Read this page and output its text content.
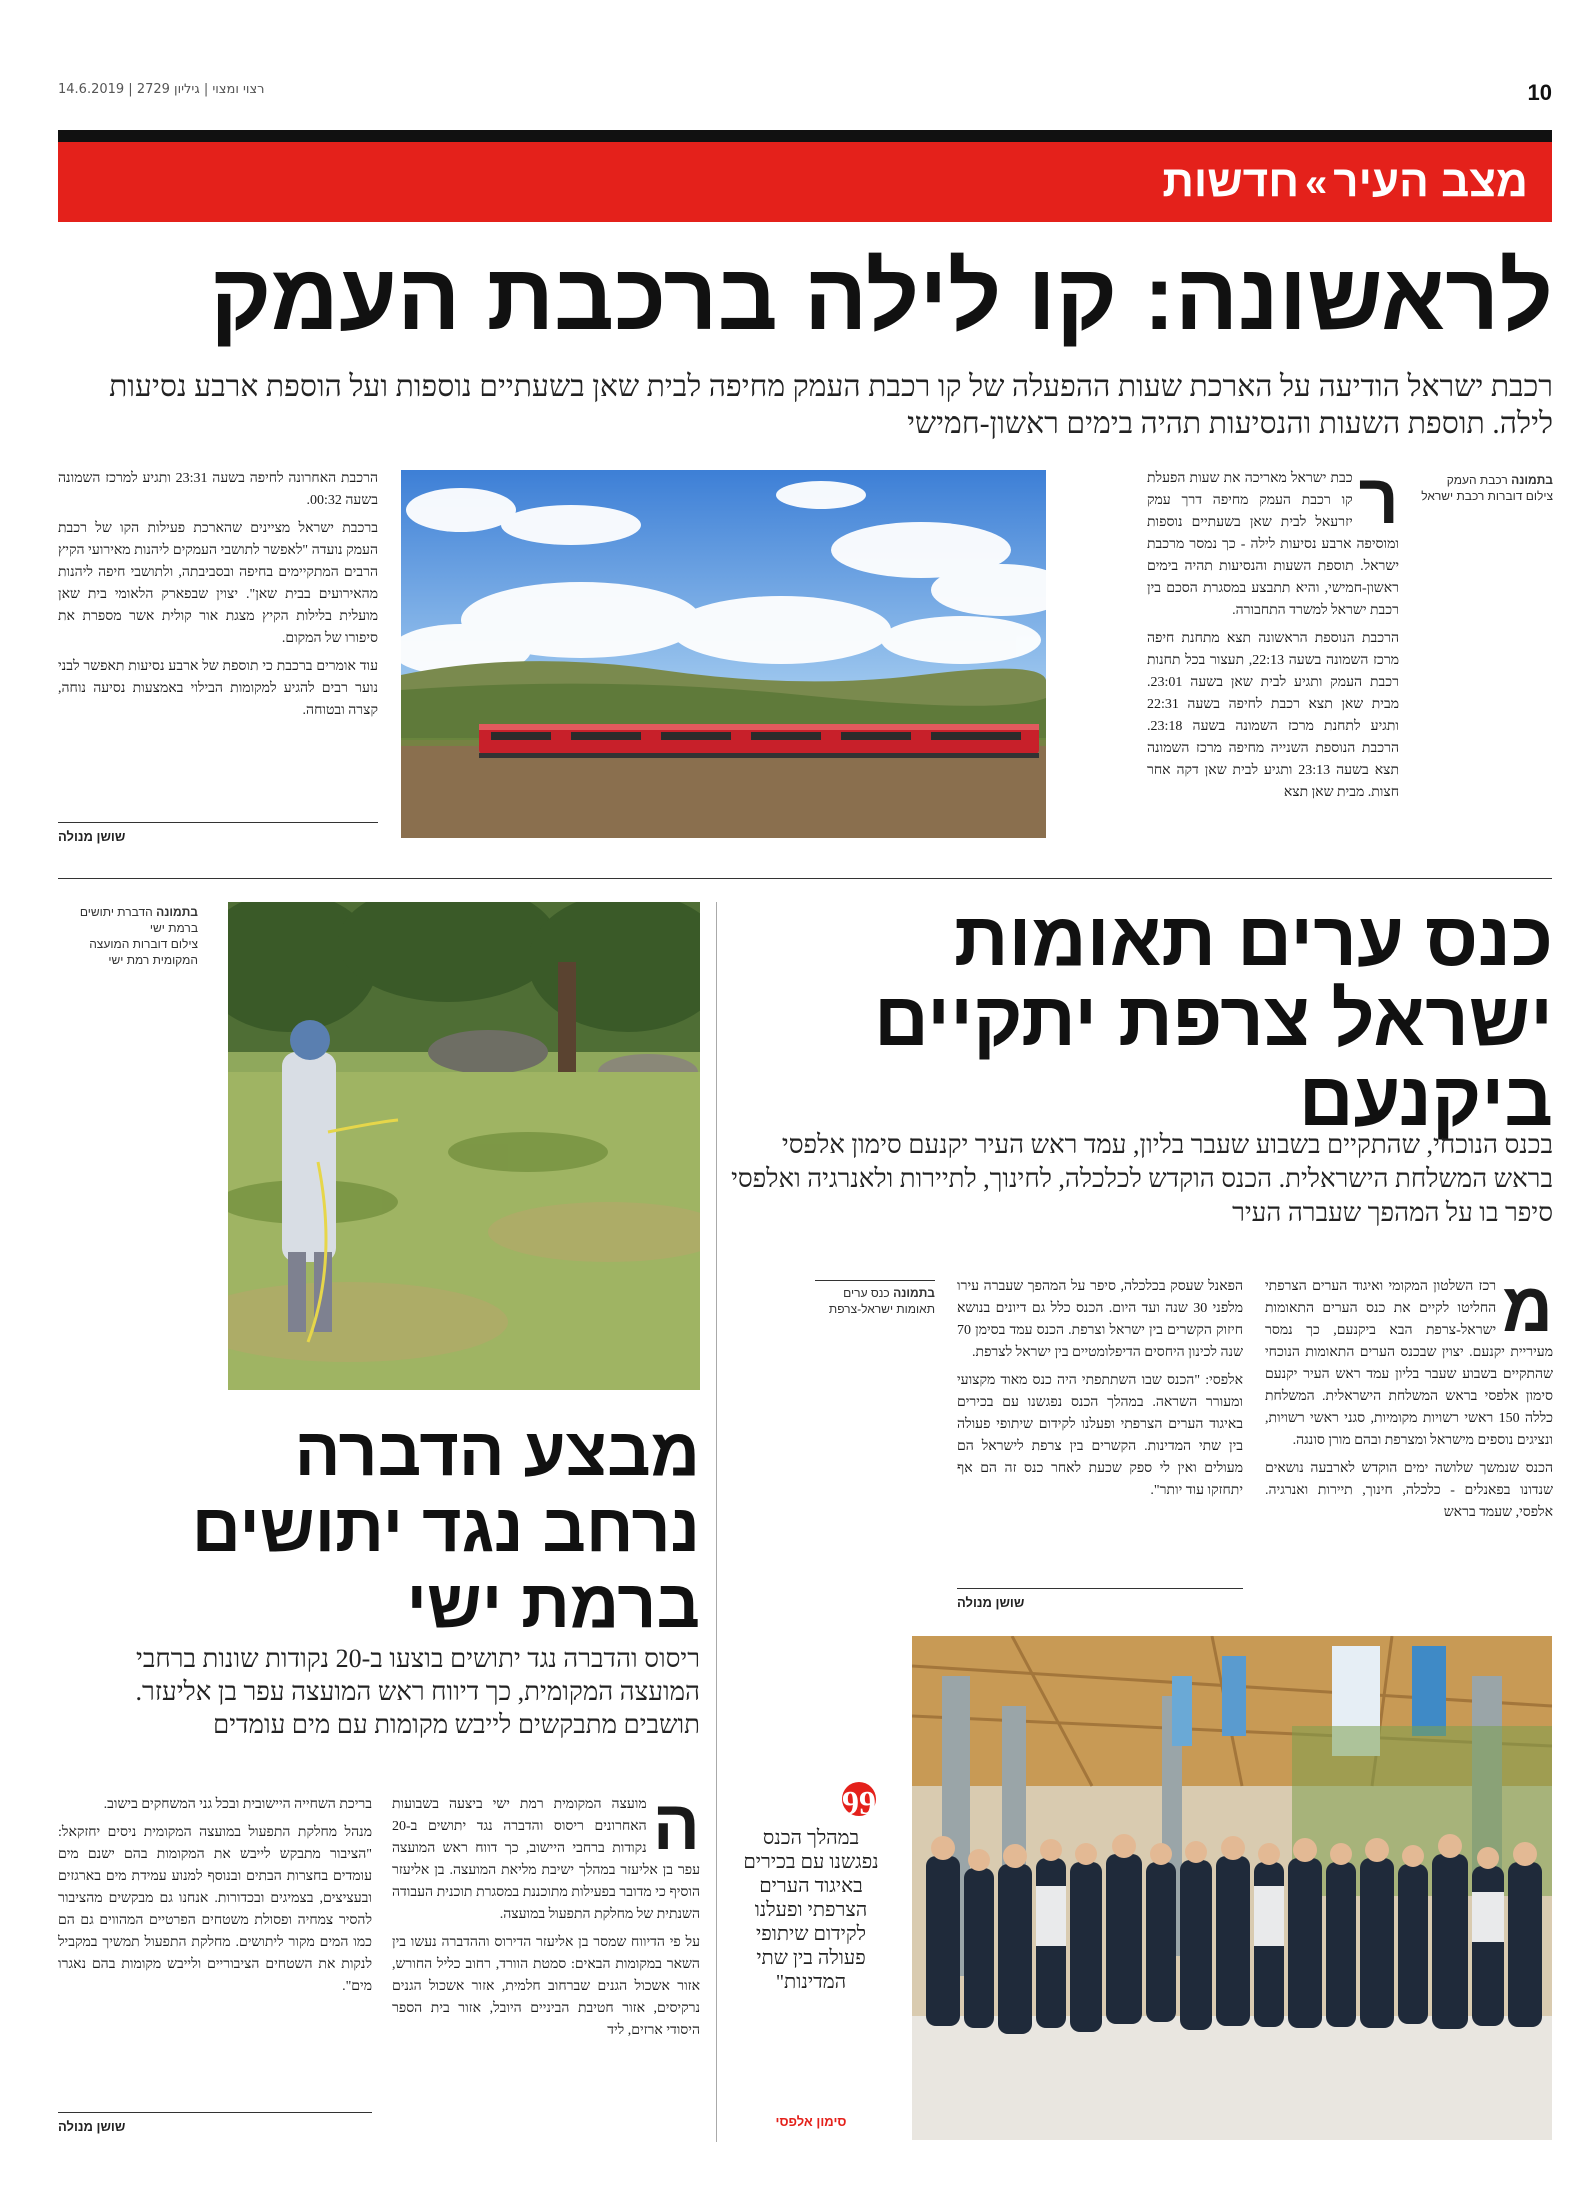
10
רצוי ומצוי | גיליון 2729 | 14.6.2019
מצב העיר»חדשות
לראשונה: קו לילה ברכבת העמק
רכבת ישראל הודיעה על הארכת שעות ההפעלה של קו רכבת העמק מחיפה לבית שאן בשעתיים נוספות ועל הוספת ארבע נסיעות לילה. תוספת השעות והנסיעות תהיה בימים ראשון-חמישי
בתמונה רכבת העמק
צילום דוברות רכבת ישראל
ר

כבת ישראל מאריכה את שעות הפעלת קו רכבת העמק מחיפה דרך עמק יזרעאל לבית שאן בשעתיים נוספות ומוסיפה ארבע נסיעות לילה - כך נמסר מרכבת ישראל. תוספת השעות והנסיעות תהיה בימים ראשון-חמישי, והיא תתבצע במסגרת הסכם בין רכבת ישראל למשרד התחבורה.

הרכבת הנוספת הראשונה תצא מתחנת חיפה מרכז השמונה בשעה 22:13, תעצור בכל תחנות רכבת העמק ותגיע לבית שאן בשעה 23:01. מבית שאן תצא רכבת לחיפה בשעה 22:31 ותגיע לתחנת מרכז השמונה בשעה 23:18. הרכבת הנוספת השנייה מחיפה מרכז השמונה תצא בשעה 23:13 ותגיע לבית שאן דקה אחר חצות. מבית שאן תצא

הרכבת האחרונה לחיפה בשעה 23:31 ותגיע למרכז השמונה בשעה 00:32.

ברכבת ישראל מציינים שהארכת פעילות הקו של רכבת העמק נועדה "לאפשר לתושבי העמקים ליהנות מאירועי הקיץ הרבים המתקיימים בחיפה ובסביבתה, ולתושבי חיפה ליהנות מהאירועים בבית שאן". יצוין שבפארק הלאומי בית שאן מועלית בלילות הקיץ מצגת אור קולית אשר מספרת את סיפורו של המקום.

עוד אומרים ברכבת כי תוספת של ארבע נסיעות תאפשר לבני נוער רבים להגיע למקומות הבילוי באמצעות נסיעה נוחה, קצרה ובטוחה.

שושן מנולה
כנס ערים תאומות
ישראל צרפת יתקיים
ביקנעם
בכנס הנוכחי, שהתקיים בשבוע שעבר בליון, עמד ראש העיר יקנעם סימון אלפסי בראש המשלחת הישראלית. הכנס הוקדש לכלכלה, לחינוך, לתיירות ולאנרגיה ואלפסי סיפר בו על המהפך שעברה העיר
מ

רכז השלטון המקומי ואיגוד הערים הצרפתי החליטו לקיים את כנס הערים התאומות ישראל-צרפת הבא ביקנעם, כך נמסר מעיריית יקנעם. יצוין שבכנס הערים התאומות הנוכחי שהתקיים בשבוע שעבר בליון עמד ראש העיר יקנעם סימון אלפסי בראש המשלחת הישראלית. המשלחת כללה 150 ראשי רשויות מקומיות, סגני ראשי רשויות, ונציגים נוספים מישראל ומצרפת ובהם מורן סונגה.

הכנס שנמשך שלושה ימים הוקדש לארבעה נושאים שנדונו בפאנלים - כלכלה, חינוך, תיירות ואנרגיה. אלפסי, שעמד בראש

הפאנל שעסק בכלכלה, סיפר על המהפך שעברה עירו מלפני 30 שנה ועד היום. הכנס כלל גם דיונים בנושא חיזוק הקשרים בין ישראל וצרפת. הכנס עמד בסימן 70 שנה לכינון היחסים הדיפלומטיים בין ישראל לצרפת.

אלפסי: "הכנס שבו השתתפתי היה כנס מאוד מקצועי ומעורר השראה. במהלך הכנס נפגשנו עם בכירים באיגוד הערים הצרפתי ופעלנו לקידום שיתופי פעולה בין שתי המדינות. הקשרים בין צרפת לישראל הם מעולים ואין לי ספק שכעת לאחר כנס זה הם אף יתחזקו עוד יותר".

שושן מנולה
בתמונה כנס ערים תאומות ישראל-צרפת
99
במהלך הכנס נפגשנו עם בכירים באיגוד הערים הצרפתי ופעלנו לקידום שיתופי פעולה בין שתי המדינות"
סימון אלפסי
בתמונה הדברת יתושים ברמת ישי
צילום דוברות המועצה המקומית רמת ישי
מבצע הדברה
נרחב נגד יתושים
ברמת ישי
ריסוס והדברה נגד יתושים בוצעו ב-20 נקודות שונות ברחבי המועצה המקומית, כך דיווח ראש המועצה עפר בן אליעזר. תושבים מתבקשים לייבש מקומות עם מים עומדים
ה

מועצה המקומית רמת ישי ביצעה בשבועות האחרונים ריסוס והדברה נגד יתושים ב-20 נקודות ברחבי היישוב, כך דווח ראש המועצה עפר בן אליעזר במהלך ישיבת מליאת המועצה. בן אליעזר הוסיף כי מדובר בפעילות מתוכננת במסגרת תוכנית העבודה השנתית של מחלקת התפעול במועצה.

על פי הדיווח שמסר בן אליעזר הדירוס וההדברה נעשו בין השאר במקומות הבאים: סמטת הוורד, רחוב כליל החורש, אזור אשכול הגנים שברחוב חלמית, אזור אשכול הגנים נרקיסים, אזור חטיבת הביניים היובל, אזור בית הספר היסודי ארזים, ליד

בריכת השחייה היישובית ובכל גני המשחקים בישוב.

מנהל מחלקת התפעול במועצה המקומית ניסים יחזקאל: "הציבור מתבקש לייבש את המקומות בהם ישנם מים עומדים בחצרות הבתים ובנוסף למנוע עמידת מים בארגזים ובעציצים, בצמיגים ובכדורות. אנחנו גם מבקשים מהציבור להסיר צמחיה ופסולת משטחים הפרטיים המהווים גם הם כמו המים מקור ליתושים. מחלקת התפעול תמשיך במקביל לנקות את השטחים הציבוריים ולייבש מקומות בהם נאגרו מים".

שושן מנולה
